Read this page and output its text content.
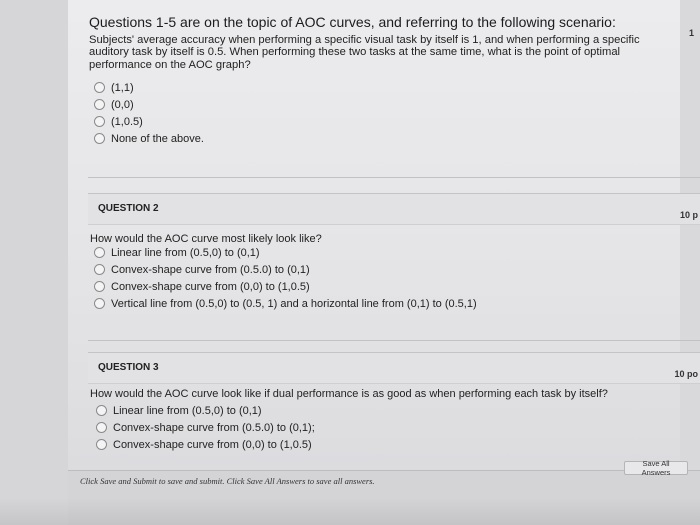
1
Questions 1-5 are on the topic of AOC curves, and referring to the following scenario:

Subjects' average accuracy when performing a specific visual task by itself is 1, and when performing a specific
auditory task by itself is 0.5. When performing these two tasks at the same time, what is the point of optimal
performance on the AOC graph?

(1,1)
(0,0)
(1,0.5)
None of the above.
QUESTION 2
10 p
How would the AOC curve most likely look like?
Linear line from (0.5,0) to (0,1)
Convex-shape curve from (0.5.0) to (0,1)
Convex-shape curve from (0,0) to (1,0.5)
Vertical line from (0.5,0) to (0.5, 1) and a horizontal line from (0,1) to (0.5,1)
QUESTION 3
10 po
How would the AOC curve look like if dual performance is as good as when performing each task by itself?
Linear line from (0.5,0) to (0,1)
Convex-shape curve from (0.5.0) to (0,1);
Convex-shape curve from (0,0) to (1,0.5)
Save All Answers
Click Save and Submit to save and submit. Click Save All Answers to save all answers.
